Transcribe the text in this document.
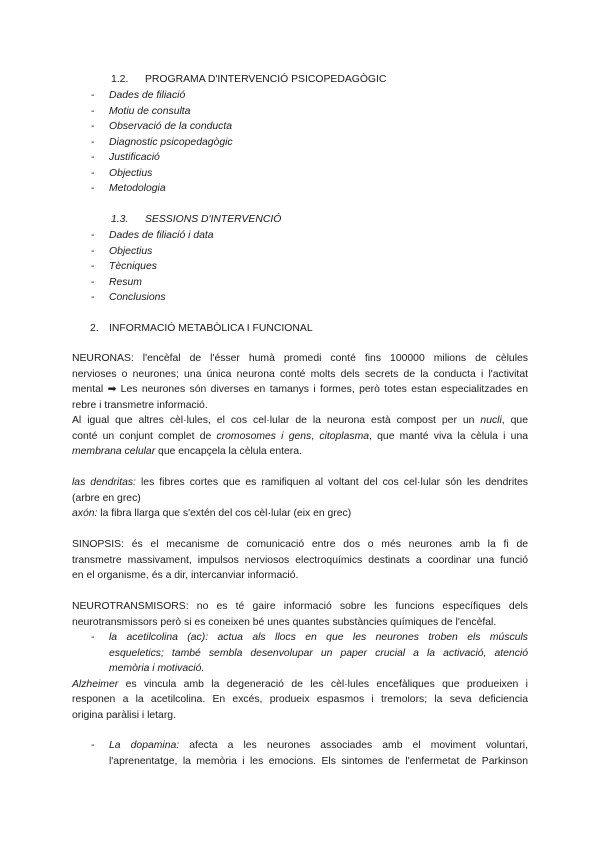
1.2. PROGRAMA D'INTERVENCIÓ PSICOPEDAGÒGIC
- Dades de filiació
- Motiu de consulta
- Observació de la conducta
- Diagnostic psicopedagògic
- Justificació
- Objectius
- Metodologia
1.3. SESSIONS D'INTERVENCIÓ
- Dades de filiació i data
- Objectius
- Tècniques
- Resum
- Conclusions
2. INFORMACIÓ METABÒLICA I FUNCIONAL
NEURONAS: l'encèfal de l'ésser humà promedi conté fins 100000 milions de cèlules
nervioses o neurones; una única neurona conté molts dels secrets de la conducta i l'activitat
mental ➡ Les neurones són diverses en tamanys i formes, però totes estan especialitzades en
rebre i transmetre informació.
Al igual que altres cèl·lules, el cos cel·lular de la neurona està compost per un nucli, que
conté un conjunt complet de cromosomes i gens, citoplasma, que manté viva la cèlula i una
membrana celular que encapçela la cèlula entera.
las dendritas: les fibres cortes que es ramifiquen al voltant del cos cel·lular són les dendrites
(arbre en grec)
axón: la fibra llarga que s'extén del cos cèl·lular (eix en grec)
SINOPSIS: és el mecanisme de comunicació entre dos o més neurones amb la fi de
transmetre massivament, impulsos nerviosos electroquímics destinats a coordinar una funció
en el organisme, és a dir, intercanviar informació.
NEUROTRANSMISORS: no es té gaire informació sobre les funcions específiques dels
neurotransmissors però si es coneixen bé unes quantes substàncies químiques de l'encèfal.
- la acetilcolina (ac): actua als llocs en que les neurones troben els músculs
esqueletics; també sembla desenvolupar un paper crucial a la activació, atenció
memòria i motivació.
Alzheimer es vincula amb la degeneració de les cèl·lules encefàliques que produeixen i
responen a la acetilcolina. En excés, produeix espasmos i tremolors; la seva deficiencia
origina paràlisi i letarg.
- La dopamina: afecta a les neurones associades amb el moviment voluntari,
l'aprenentatge, la memòria i les emocions. Els sintomes de l'enfermetat de Parkinson
